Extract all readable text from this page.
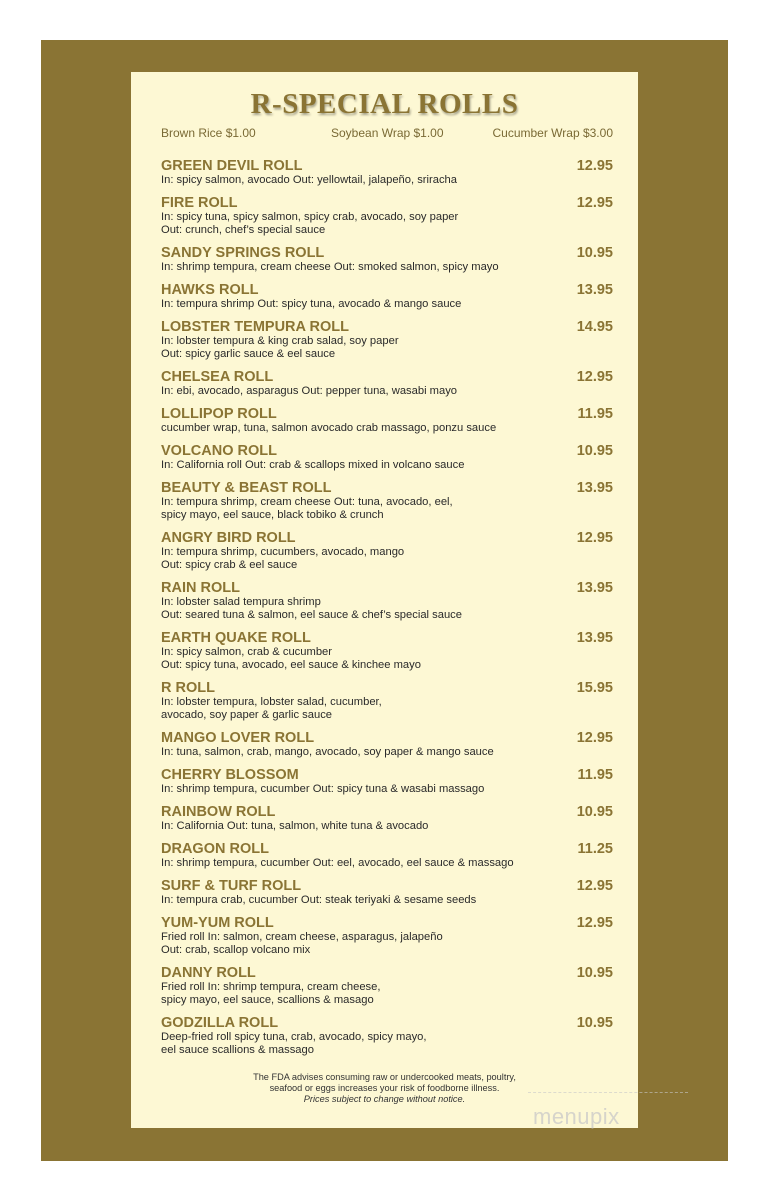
R-SPECIAL ROLLS
Brown Rice $1.00	Soybean Wrap $1.00	Cucumber Wrap $3.00
GREEN DEVIL ROLL
In: spicy salmon, avocado Out: yellowtail, jalapeño, sriracha
12.95
FIRE ROLL
In: spicy tuna, spicy salmon, spicy crab, avocado, soy paper
Out: crunch, chef’s special sauce
12.95
SANDY SPRINGS ROLL
In: shrimp tempura, cream cheese Out: smoked salmon, spicy mayo
10.95
HAWKS ROLL
In: tempura shrimp Out: spicy tuna, avocado & mango sauce
13.95
LOBSTER TEMPURA ROLL
In: lobster tempura & king crab salad, soy paper
Out: spicy garlic sauce & eel sauce
14.95
CHELSEA ROLL
In: ebi, avocado, asparagus Out: pepper tuna, wasabi mayo
12.95
LOLLIPOP ROLL
cucumber wrap, tuna, salmon avocado crab massago, ponzu sauce
11.95
VOLCANO ROLL
In: California roll Out: crab & scallops mixed in volcano sauce
10.95
BEAUTY & BEAST ROLL
In: tempura shrimp, cream cheese Out: tuna, avocado, eel,
spicy mayo, eel sauce, black tobiko & crunch
13.95
ANGRY BIRD ROLL
In: tempura shrimp, cucumbers, avocado, mango
Out: spicy crab & eel sauce
12.95
RAIN ROLL
In: lobster salad tempura shrimp
Out: seared tuna & salmon, eel sauce & chef’s special sauce
13.95
EARTH QUAKE ROLL
In: spicy salmon, crab & cucumber
Out: spicy tuna, avocado, eel sauce & kinchee mayo
13.95
R ROLL
In: lobster tempura, lobster salad, cucumber,
avocado, soy paper & garlic sauce
15.95
MANGO LOVER ROLL
In: tuna, salmon, crab, mango, avocado, soy paper & mango sauce
12.95
CHERRY BLOSSOM
In: shrimp tempura, cucumber Out: spicy tuna & wasabi massago
11.95
RAINBOW ROLL
In: California Out: tuna, salmon, white tuna & avocado
10.95
DRAGON ROLL
In: shrimp tempura, cucumber Out: eel, avocado, eel sauce & massago
11.25
SURF & TURF ROLL
In: tempura crab, cucumber Out: steak teriyaki & sesame seeds
12.95
YUM-YUM ROLL
Fried roll In: salmon, cream cheese, asparagus, jalapeño
Out: crab, scallop volcano mix
12.95
DANNY ROLL
Fried roll In: shrimp tempura, cream cheese,
spicy mayo, eel sauce, scallions & masago
10.95
GODZILLA ROLL
Deep-fried roll spicy tuna, crab, avocado, spicy mayo,
eel sauce scallions & massago
10.95
The FDA advises consuming raw or undercooked meats, poultry,
seafood or eggs increases your risk of foodborne illness.
Prices subject to change without notice.
menupix
